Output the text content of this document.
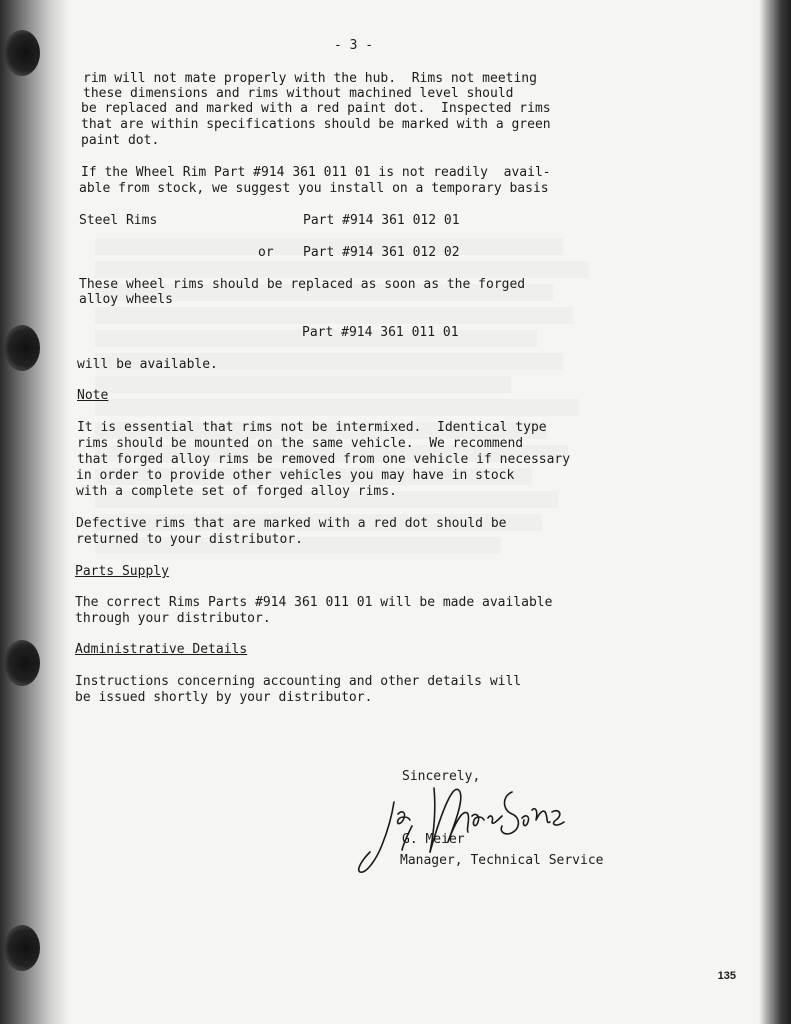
- 3 -
rim will not mate properly with the hub.  Rims not meeting
these dimensions and rims without machined level should
be replaced and marked with a red paint dot.  Inspected rims
that are within specifications should be marked with a green
paint dot.
If the Wheel Rim Part #914 361 011 01 is not readily  avail-
able from stock, we suggest you install on a temporary basis
Steel Rims	Part #914 361 012 01
or Part #914 361 012 02
These wheel rims should be replaced as soon as the forged
alloy wheels
Part #914 361 011 01
will be available.
Note
It is essential that rims not be intermixed.  Identical type
rims should be mounted on the same vehicle.  We recommend
that forged alloy rims be removed from one vehicle if necessary
in order to provide other vehicles you may have in stock
with a complete set of forged alloy rims.
Defective rims that are marked with a red dot should be
returned to your distributor.
Parts Supply
The correct Rims Parts #914 361 011 01 will be made available
through your distributor.
Administrative Details
Instructions concerning accounting and other details will
be issued shortly by your distributor.
Sincerely,
G. Meier
Manager, Technical Service
135
